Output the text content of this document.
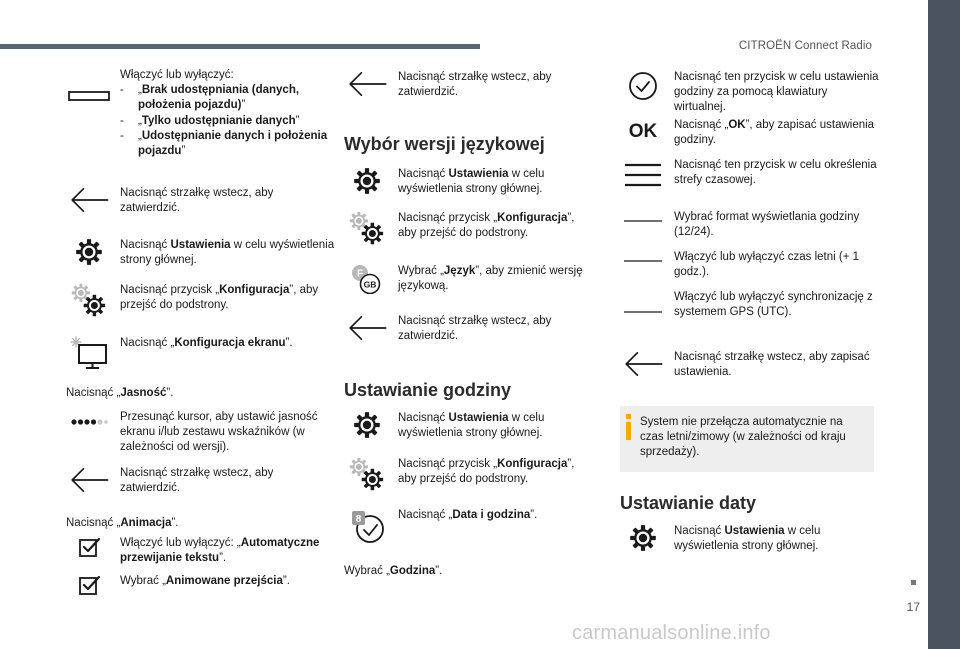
CITROËN Connect Radio
17
carmanualsonline.info
Włączyć lub wyłączyć:
- „Brak udostępniania (danych, położenia pojazdu)”
- „Tylko udostępnianie danych”
- „Udostępnianie danych i położenia pojazdu”
Nacisnąć strzałkę wstecz, aby zatwierdzić.
Nacisnąć Ustawienia w celu wyświetlenia strony głównej.
Nacisnąć przycisk „Konfiguracja”, aby przejść do podstrony.
Nacisnąć „Konfiguracja ekranu”.
Nacisnąć „Jasność”.
Przesunąć kursor, aby ustawić jasność ekranu i/lub zestawu wskaźników (w zależności od wersji).
Nacisnąć strzałkę wstecz, aby zatwierdzić.
Nacisnąć „Animacja”.
Włączyć lub wyłączyć: „Automatyczne przewijanie tekstu”.
Wybrać „Animowane przejścia”.
Nacisnąć strzałkę wstecz, aby zatwierdzić.
Wybór wersji językowej
Nacisnąć Ustawienia w celu wyświetlenia strony głównej.
Nacisnąć przycisk „Konfiguracja”, aby przejść do podstrony.
F
GB
Wybrać „Język”, aby zmienić wersję językową.
Nacisnąć strzałkę wstecz, aby zatwierdzić.
Ustawianie godziny
Nacisnąć Ustawienia w celu wyświetlenia strony głównej.
Nacisnąć przycisk „Konfiguracja”, aby przejść do podstrony.
8	Nacisnąć „Data i godzina”.
Wybrać „Godzina”.
Nacisnąć ten przycisk w celu ustawienia godziny za pomocą klawiatury wirtualnej.
OK	Nacisnąć „OK”, aby zapisać ustawienia godziny.
Nacisnąć ten przycisk w celu określenia strefy czasowej.
Wybrać format wyświetlania godziny (12/24).
Włączyć lub wyłączyć czas letni (+ 1 godz.).
Włączyć lub wyłączyć synchronizację z systemem GPS (UTC).
Nacisnąć strzałkę wstecz, aby zapisać ustawienia.
System nie przełącza automatycznie na czas letni/zimowy (w zależności od kraju sprzedaży).
Ustawianie daty
Nacisnąć Ustawienia w celu wyświetlenia strony głównej.
